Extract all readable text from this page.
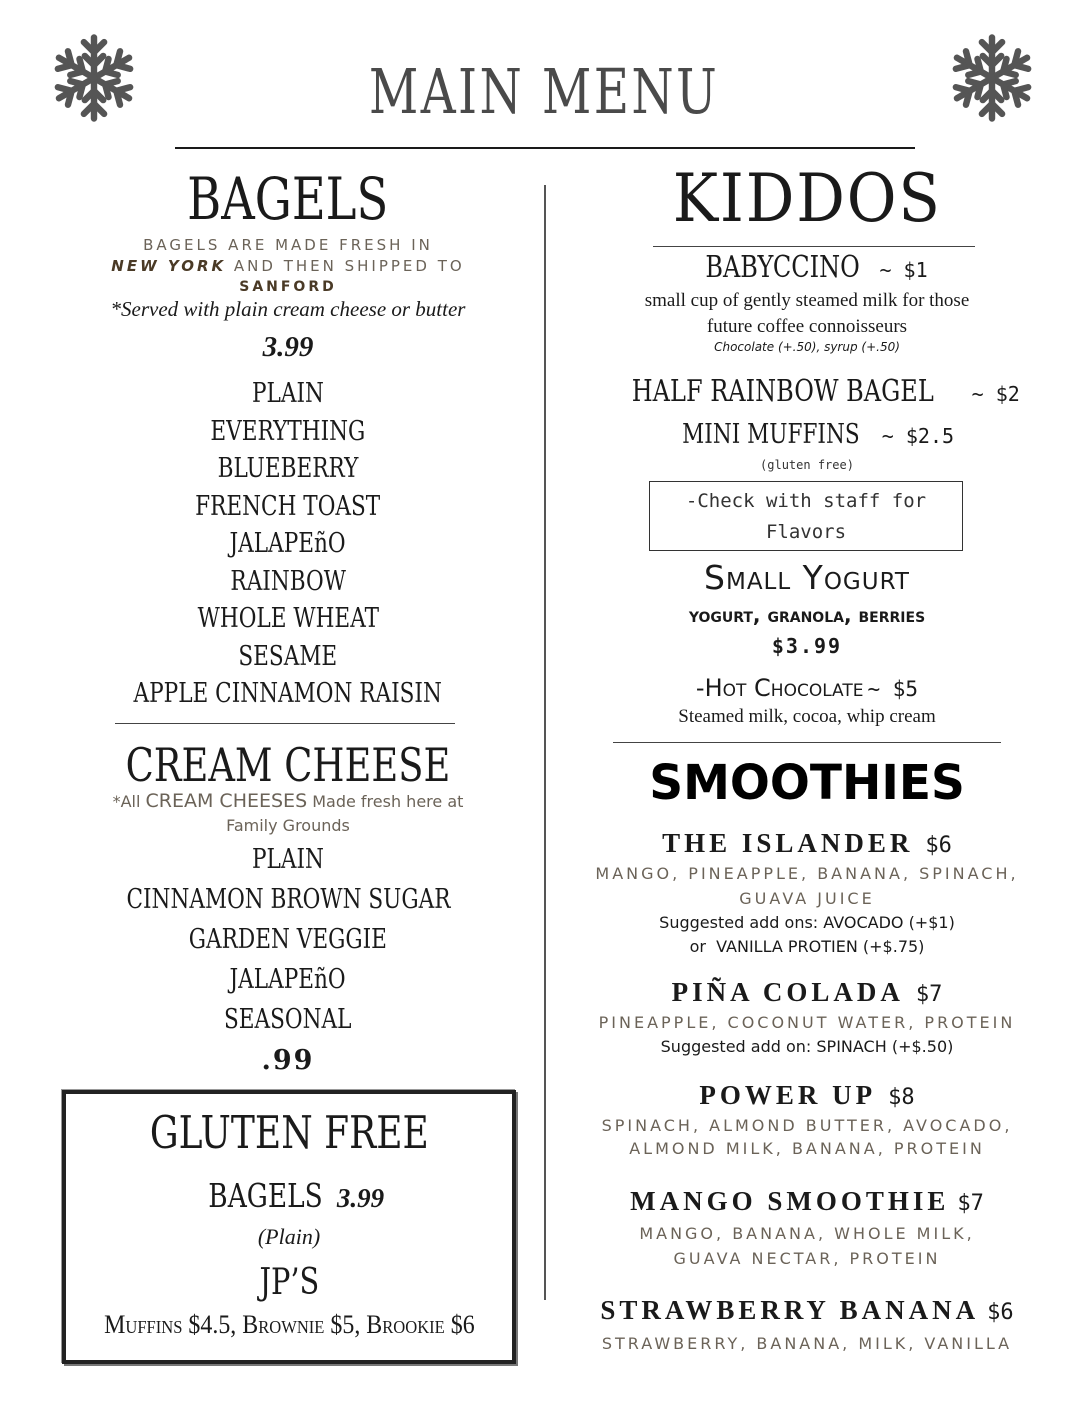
MAIN MENU
BAGELS
BAGELS ARE MADE FRESH IN
NEW YORK AND THEN SHIPPED TO
SANFORD
*Served with plain cream cheese or butter
3.99
PLAIN
EVERYTHING
BLUEBERRY
FRENCH TOAST
JALAPEñO
RAINBOW
WHOLE WHEAT
SESAME
APPLE CINNAMON RAISIN
CREAM CHEESE
*All CREAM CHEESES Made fresh here at
Family Grounds
PLAIN
CINNAMON BROWN SUGAR
GARDEN VEGGIE
JALAPEñO
SEASONAL
.99
GLUTEN FREE
BAGELS 3.99
(Plain)
JP’S
Muffins $4.5, Brownie $5, Brookie $6
KIDDOS
BABYCCINO ~ $1
small cup of gently steamed milk for those
future coffee connoisseurs
Chocolate (+.50), syrup (+.50)
HALF RAINBOW BAGEL ~ $2
MINI MUFFINS ~ $2.5
(gluten free)
-Check with staff for
Flavors
Small Yogurt
yogurt, granola, berries
$3.99
-Hot Chocolate ~ $5
Steamed milk, cocoa, whip cream
SMOOTHIES
THE ISLANDER $6
MANGO, PINEAPPLE, BANANA, SPINACH,
GUAVA JUICE
Suggested add ons: AVOCADO (+$1)
or  VANILLA PROTIEN (+$.75)
PIÑA COLADA $7
PINEAPPLE, COCONUT WATER, PROTEIN
Suggested add on: SPINACH (+$.50)
POWER UP $8
SPINACH, ALMOND BUTTER, AVOCADO,
ALMOND MILK, BANANA, PROTEIN
MANGO SMOOTHIE $7
MANGO, BANANA, WHOLE MILK,
GUAVA NECTAR, PROTEIN
STRAWBERRY BANANA $6
STRAWBERRY, BANANA, MILK, VANILLA
